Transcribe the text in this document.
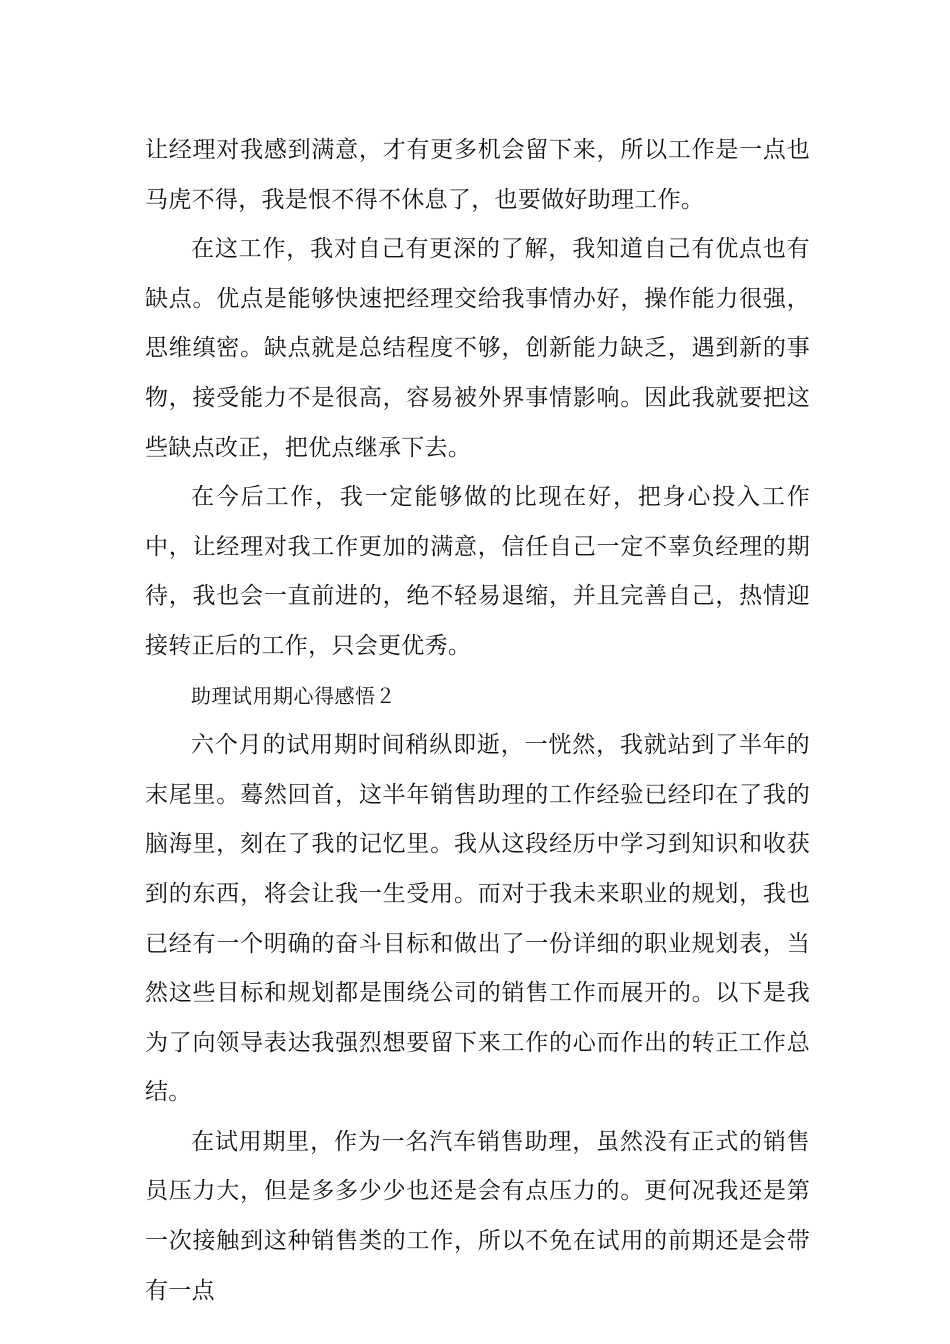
让经理对我感到满意，才有更多机会留下来，所以工作是一点也马虎不得，我是恨不得不休息了，也要做好助理工作。

在这工作，我对自己有更深的了解，我知道自己有优点也有缺点。优点是能够快速把经理交给我事情办好，操作能力很强，思维缜密。缺点就是总结程度不够，创新能力缺乏，遇到新的事物，接受能力不是很高，容易被外界事情影响。因此我就要把这些缺点改正，把优点继承下去。

在今后工作，我一定能够做的比现在好，把身心投入工作中，让经理对我工作更加的满意，信任自己一定不辜负经理的期待，我也会一直前进的，绝不轻易退缩，并且完善自己，热情迎接转正后的工作，只会更优秀。

助理试用期心得感悟２

六个月的试用期时间稍纵即逝，一恍然，我就站到了半年的末尾里。蓦然回首，这半年销售助理的工作经验已经印在了我的脑海里，刻在了我的记忆里。我从这段经历中学习到知识和收获到的东西，将会让我一生受用。而对于我未来职业的规划，我也已经有一个明确的奋斗目标和做出了一份详细的职业规划表，当然这些目标和规划都是围绕公司的销售工作而展开的。以下是我为了向领导表达我强烈想要留下来工作的心而作出的转正工作总结。

在试用期里，作为一名汽车销售助理，虽然没有正式的销售员压力大，但是多多少少也还是会有点压力的。更何况我还是第一次接触到这种销售类的工作，所以不免在试用的前期还是会带有一点
